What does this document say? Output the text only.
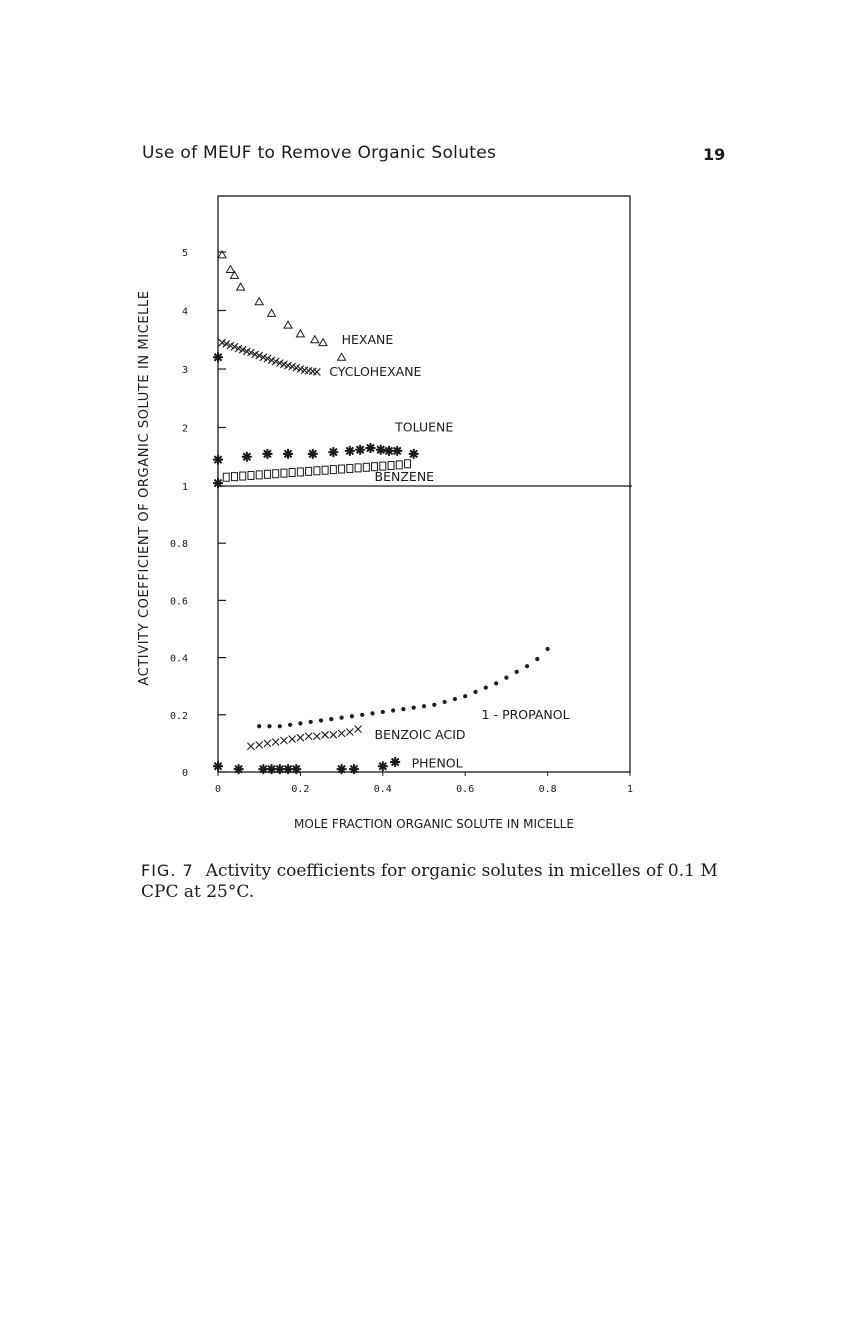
Use of MEUF to Remove Organic Solutes	19
0
0.2
0.4
0.6
0.8
1
2
3
4
5
0	0.2	0.4	0.6	0.8	1
MOLE FRACTION ORGANIC SOLUTE IN MICELLE
ACTIVITY COEFFICIENT OF ORGANIC SOLUTE IN MICELLE	HEXANE
CYCLOHEXANE
TOLUENE
BENZENE
1 - PROPANOL
BENZOIC ACID
PHENOL
FIG. 7 Activity coefficients for organic solutes in micelles of 0.1 M CPC at 25°C.
